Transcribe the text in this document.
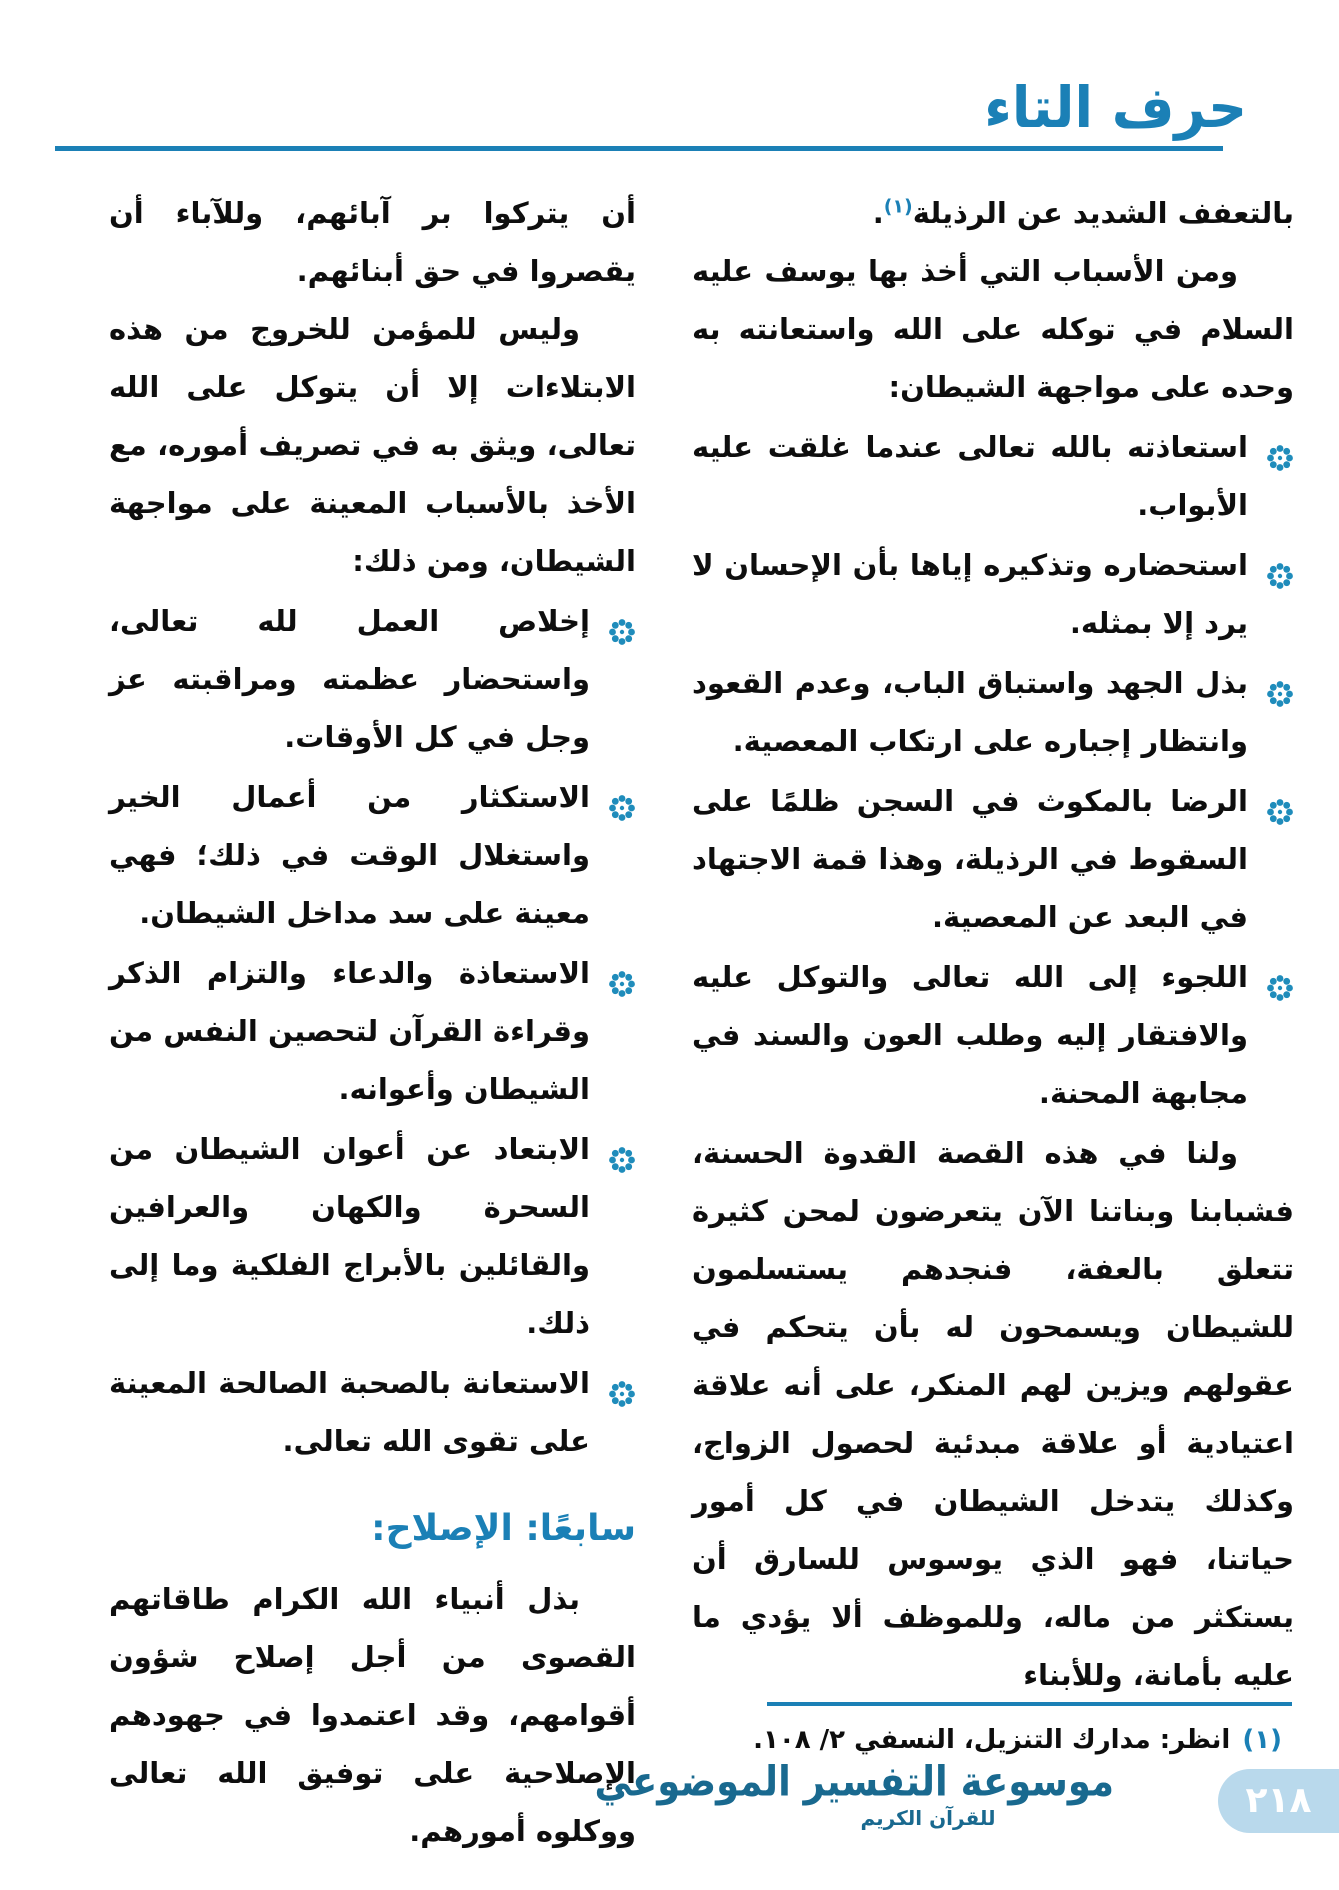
حرف التاء

بالتعفف الشديد عن الرذيلة$^{(١)}$.

ومن الأسباب التي أخذ بها يوسف عليه السلام في توكله على الله واستعانته به وحده على مواجهة الشيطان:

استعاذته بالله تعالى عندما غلقت عليه الأبواب.
استحضاره وتذكيره إياها بأن الإحسان لا يرد إلا بمثله.
بذل الجهد واستباق الباب، وعدم القعود وانتظار إجباره على ارتكاب المعصية.
الرضا بالمكوث في السجن ظلمًا على السقوط في الرذيلة، وهذا قمة الاجتهاد في البعد عن المعصية.
اللجوء إلى الله تعالى والتوكل عليه والافتقار إليه وطلب العون والسند في مجابهة المحنة.

ولنا في هذه القصة القدوة الحسنة، فشبابنا وبناتنا الآن يتعرضون لمحن كثيرة تتعلق بالعفة، فنجدهم يستسلمون للشيطان ويسمحون له بأن يتحكم في عقولهم ويزين لهم المنكر، على أنه علاقة اعتيادية أو علاقة مبدئية لحصول الزواج، وكذلك يتدخل الشيطان في كل أمور حياتنا، فهو الذي يوسوس للسارق أن يستكثر من ماله، وللموظف ألا يؤدي ما عليه بأمانة، وللأبناء

أن يتركوا بر آبائهم، وللآباء أن يقصروا في حق أبنائهم.

وليس للمؤمن للخروج من هذه الابتلاءات إلا أن يتوكل على الله تعالى، ويثق به في تصريف أموره، مع الأخذ بالأسباب المعينة على مواجهة الشيطان، ومن ذلك:

إخلاص العمل لله تعالى، واستحضار عظمته ومراقبته عز وجل في كل الأوقات.
الاستكثار من أعمال الخير واستغلال الوقت في ذلك؛ فهي معينة على سد مداخل الشيطان.
الاستعاذة والدعاء والتزام الذكر وقراءة القرآن لتحصين النفس من الشيطان وأعوانه.
الابتعاد عن أعوان الشيطان من السحرة والكهان والعرافين والقائلين بالأبراج الفلكية وما إلى ذلك.
الاستعانة بالصحبة الصالحة المعينة على تقوى الله تعالى.

سابعًا: الإصلاح:

بذل أنبياء الله الكرام طاقاتهم القصوى من أجل إصلاح شؤون أقوامهم، وقد اعتمدوا في جهودهم الإصلاحية على توفيق الله تعالى ووكلوه أمورهم.

(١)انظر: مدارك التنزيل، النسفي ٢/ ١٠٨.
موسوعة التفسير الموضوعي
للقرآن الكريم	٢١٨
